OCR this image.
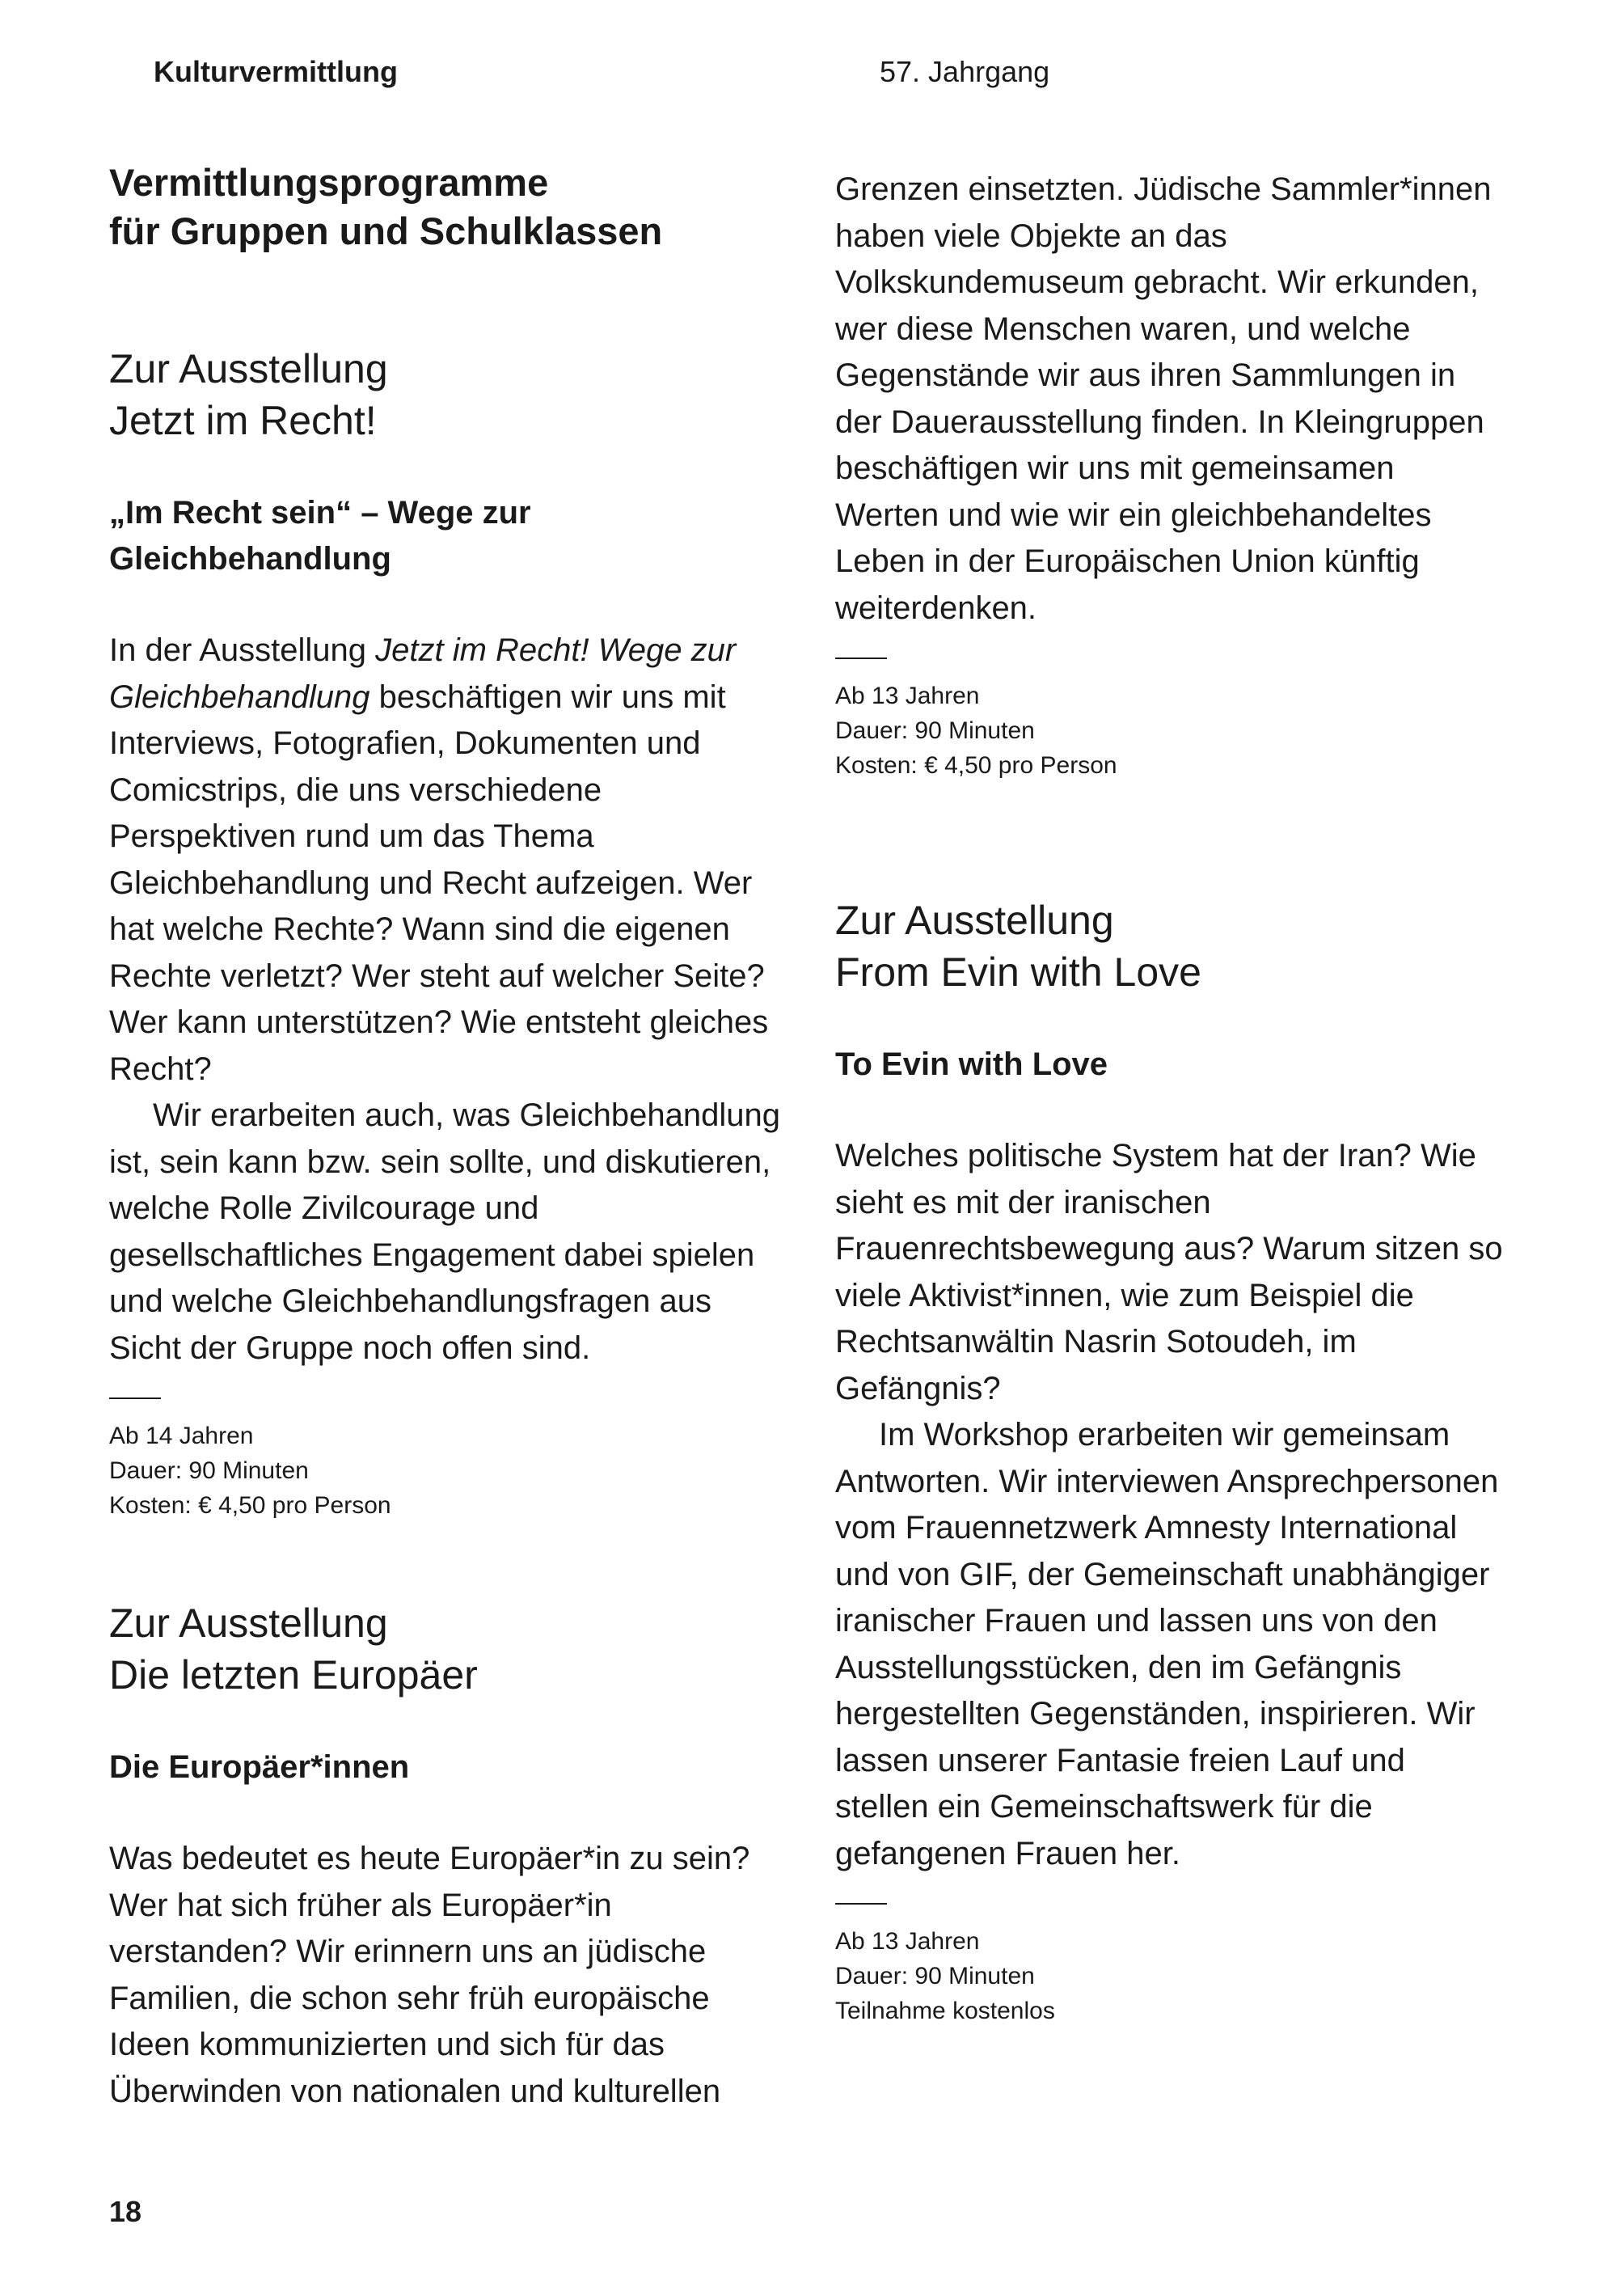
Kulturvermittlung	57. Jahrgang
Vermittlungsprogramme
für Gruppen und Schulklassen
Zur Ausstellung
Jetzt im Recht!
„Im Recht sein“ – Wege zur
Gleichbehandlung

In der Ausstellung Jetzt im Recht! Wege zur Gleichbehandlung beschäftigen wir uns mit Interviews, Fotografien, Dokumenten und Comicstrips, die uns verschiedene Perspektiven rund um das Thema Gleichbehandlung und Recht aufzeigen. Wer hat welche Rechte? Wann sind die eigenen Rechte verletzt? Wer steht auf welcher Seite? Wer kann unterstützen? Wie entsteht gleiches Recht?

Wir erarbeiten auch, was Gleichbehandlung ist, sein kann bzw. sein sollte, und diskutieren, welche Rolle Zivilcourage und gesellschaftliches Engagement dabei spielen und welche Gleichbehandlungsfragen aus Sicht der Gruppe noch offen sind.

Ab 14 Jahren

Dauer: 90 Minuten

Kosten: € 4,50 pro Person

Zur Ausstellung
Die letzten Europäer
Die Europäer*innen

Was bedeutet es heute Europäer*in zu sein? Wer hat sich früher als Europäer*in verstanden? Wir erinnern uns an jüdische Familien, die schon sehr früh europäische Ideen kommunizierten und sich für das Überwinden von nationalen und kulturellen

Grenzen einsetzten. Jüdische Sammler*innen haben viele Objekte an das Volkskundemuseum gebracht. Wir erkunden, wer diese Menschen waren, und welche Gegenstände wir aus ihren Sammlungen in der Dauerausstellung finden. In Kleingruppen beschäftigen wir uns mit gemeinsamen Werten und wie wir ein gleichbehandeltes Leben in der Europäischen Union künftig weiterdenken.

Ab 13 Jahren

Dauer: 90 Minuten

Kosten: € 4,50 pro Person

Zur Ausstellung
From Evin with Love
To Evin with Love

Welches politische System hat der Iran? Wie sieht es mit der iranischen Frauenrechtsbewegung aus? Warum sitzen so viele Aktivist*innen, wie zum Beispiel die Rechtsanwältin Nasrin Sotoudeh, im Gefängnis?

Im Workshop erarbeiten wir gemeinsam Antworten. Wir interviewen Ansprechpersonen vom Frauennetzwerk Amnesty International und von GIF, der Gemeinschaft unabhängiger iranischer Frauen und lassen uns von den Ausstellungsstücken, den im Gefängnis hergestellten Gegenständen, inspirieren. Wir lassen unserer Fantasie freien Lauf und stellen ein Gemeinschaftswerk für die gefangenen Frauen her.

Ab 13 Jahren

Dauer: 90 Minuten

Teilnahme kostenlos

18
